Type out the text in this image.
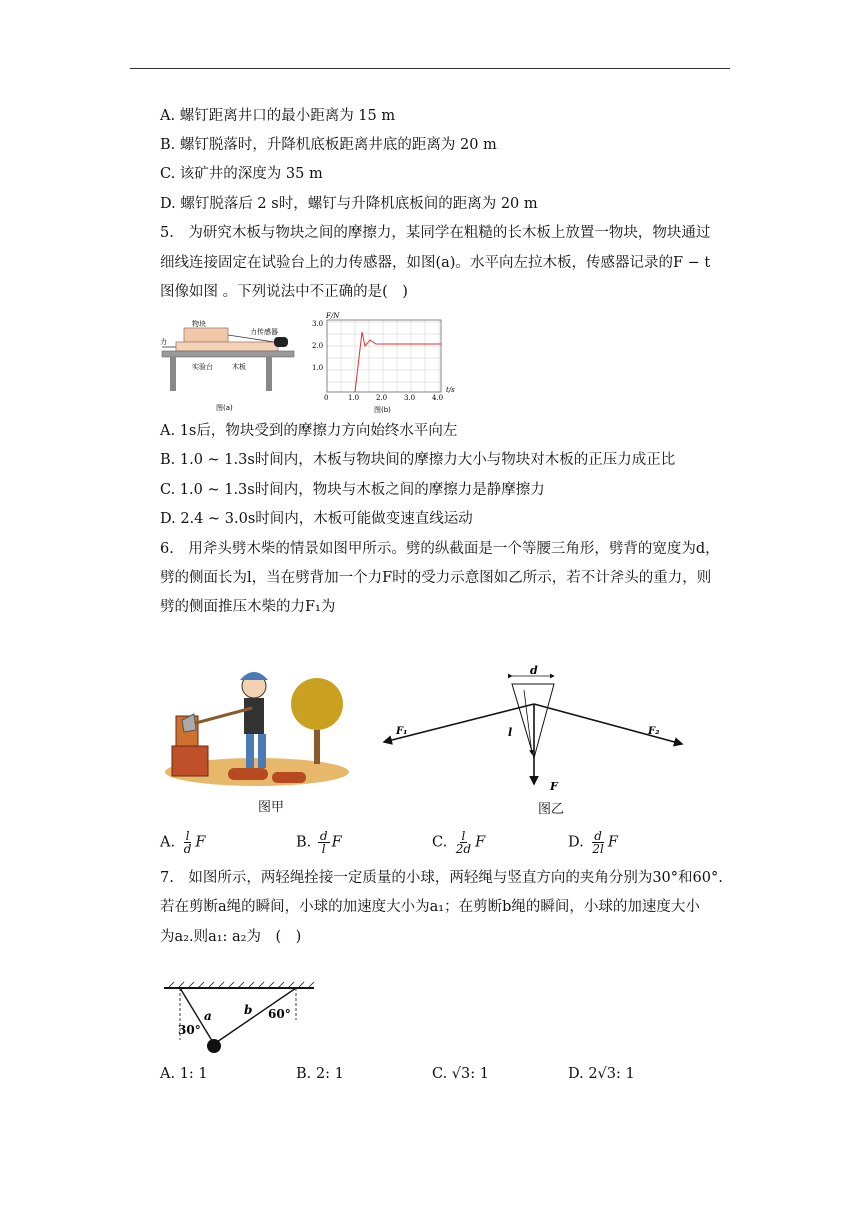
A. 螺钉距离井口的最小距离为 15 m
B. 螺钉脱落时，升降机底板距离井底的距离为 20 m
C. 该矿井的深度为 35 m
D. 螺钉脱落后 2 s时，螺钉与升降机底板间的距离为 20 m
5.　为研究木板与物块之间的摩擦力，某同学在粗糙的长木板上放置一物块，物块通过
细线连接固定在试验台上的力传感器，如图(a)。水平向左拉木板，传感器记录的F − t
图像如图 。下列说法中不正确的是(　)
物块
力传感器
力
实验台	木板
图(a)
F/N
t/s
3.0
2.0
1.0
0	1.0 2.0 3.0 4.0
图(b)
A. 1s后，物块受到的摩擦力方向始终水平向左
B. 1.0 ~ 1.3s时间内，木板与物块间的摩擦力大小与物块对木板的正压力成正比
C. 1.0 ~ 1.3s时间内，物块与木板之间的摩擦力是静摩擦力
D. 2.4 ~ 3.0s时间内，木板可能做变速直线运动
6.　用斧头劈木柴的情景如图甲所示。劈的纵截面是一个等腰三角形，劈背的宽度为d，
劈的侧面长为l，当在劈背加一个力F时的受力示意图如乙所示，若不计斧头的重力，则
劈的侧面推压木柴的力F₁为
图甲
d
l
F
F₁	F₂
图乙
A. $\frac{l}{d}$ F	B. $\frac{d}{l}$ F	C. $\frac{l}{2d}$ F	D. $\frac{d}{2l}$ F
7.　如图所示，两轻绳拴接一定质量的小球，两轻绳与竖直方向的夹角分别为30°和60°.
若在剪断a绳的瞬间，小球的加速度大小为a₁；在剪断b绳的瞬间，小球的加速度大小
为a₂.则a₁: a₂为　(　)
30°
a	b 60°
A. 1: 1	B. 2: 1	C. √3: 1	D. 2√3: 1
